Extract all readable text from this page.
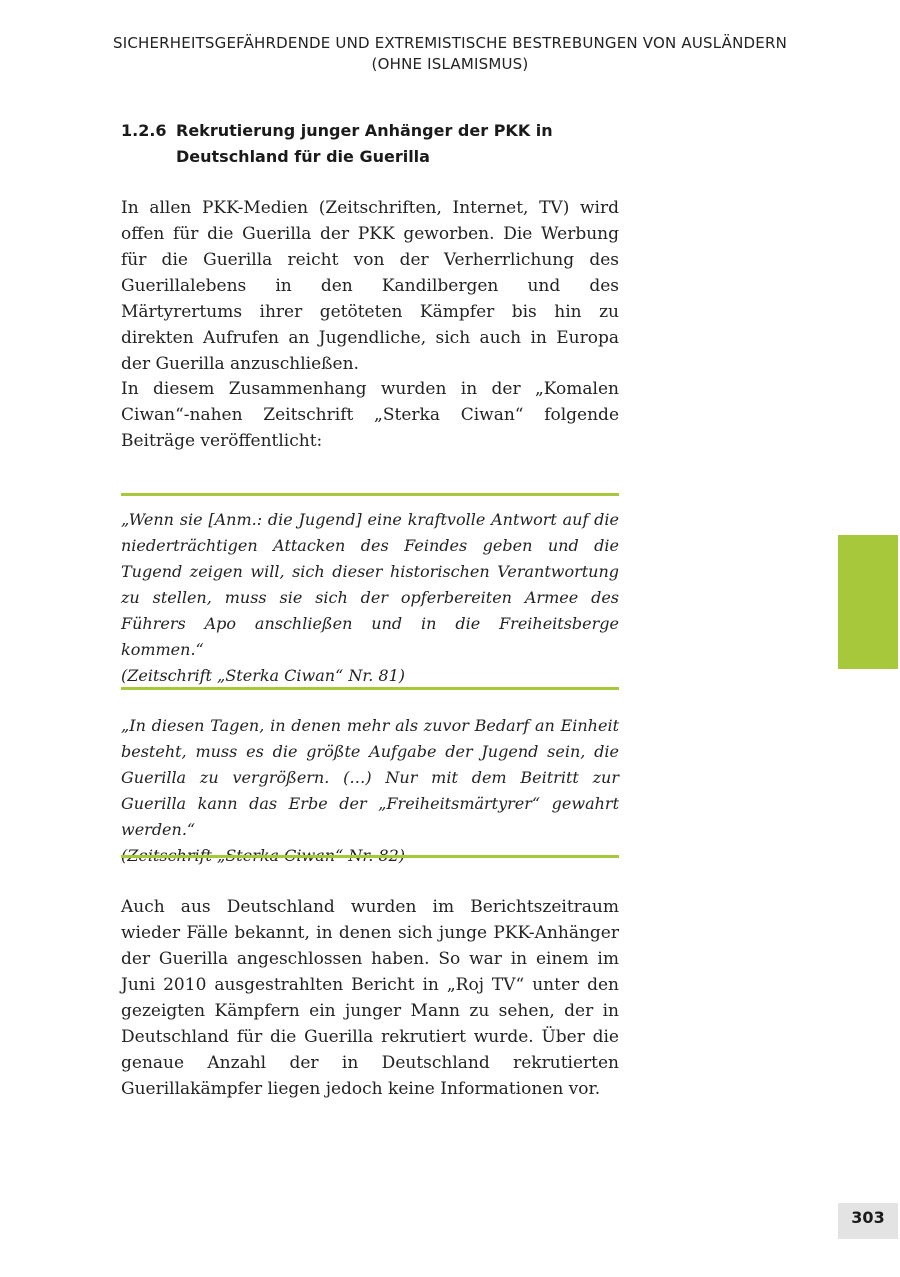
SICHERHEITSGEFÄHRDENDE UND EXTREMISTISCHE BESTREBUNGEN VON AUSLÄNDERN
(OHNE ISLAMISMUS)
1.2.6 Rekrutierung junger Anhänger der PKK in Deutschland für die Guerilla

In allen PKK-Medien (Zeitschriften, Internet, TV) wird offen für die Guerilla der PKK geworben. Die Werbung für die Guerilla reicht von der Verherrlichung des Guerillalebens in den Kandilbergen und des Märtyrertums ihrer getöteten Kämpfer bis hin zu direkten Aufrufen an Jugendliche, sich auch in Europa der Guerilla anzuschließen.

In diesem Zusammenhang wurden in der „Komalen Ciwan“-nahen Zeitschrift „Sterka Ciwan“ folgende Beiträge veröffentlicht:

„Wenn sie [Anm.: die Jugend] eine kraftvolle Antwort auf die niederträchtigen Attacken des Feindes geben und die Tugend zeigen will, sich dieser historischen Verantwortung zu stellen, muss sie sich der opferbereiten Armee des Führers Apo anschließen und in die Freiheitsberge kommen.“

(Zeitschrift „Sterka Ciwan“ Nr. 81)

„In diesen Tagen, in denen mehr als zuvor Bedarf an Einheit besteht, muss es die größte Aufgabe der Jugend sein, die Guerilla zu vergrößern. (…) Nur mit dem Beitritt zur Guerilla kann das Erbe der „Freiheitsmärtyrer“ gewahrt werden.“

(Zeitschrift „Sterka Ciwan“ Nr. 82)

Auch aus Deutschland wurden im Berichtszeitraum wieder Fälle bekannt, in denen sich junge PKK-Anhänger der Guerilla angeschlossen haben. So war in einem im Juni 2010 ausgestrahlten Bericht in „Roj TV“ unter den gezeigten Kämpfern ein junger Mann zu sehen, der in Deutschland für die Guerilla rekrutiert wurde. Über die genaue Anzahl der in Deutschland rekrutierten Guerillakämpfer liegen jedoch keine Informationen vor.

303
